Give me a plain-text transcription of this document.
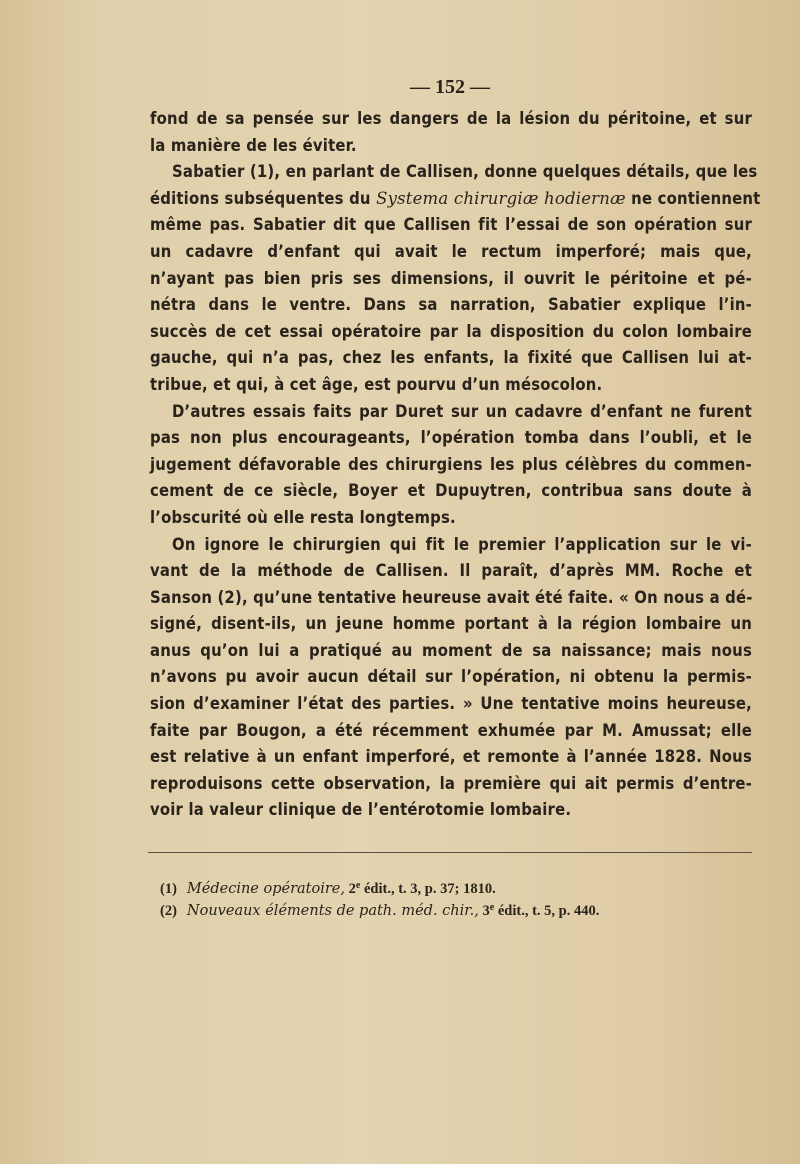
— 152 —
fond de sa pensée sur les dangers de la lésion du péritoine, et sur
la manière de les éviter.
Sabatier (1), en parlant de Callisen, donne quelques détails, que les
éditions subséquentes du Systema chirurgiæ hodiernæ ne contiennent
même pas. Sabatier dit que Callisen fit l’essai de son opération sur
un cadavre d’enfant qui avait le rectum imperforé; mais que,
n’ayant pas bien pris ses dimensions, il ouvrit le péritoine et pé-
nétra dans le ventre. Dans sa narration, Sabatier explique l’in-
succès de cet essai opératoire par la disposition du colon lombaire
gauche, qui n’a pas, chez les enfants, la fixité que Callisen lui at-
tribue, et qui, à cet âge, est pourvu d’un mésocolon.
D’autres essais faits par Duret sur un cadavre d’enfant ne furent
pas non plus encourageants, l’opération tomba dans l’oubli, et le
jugement défavorable des chirurgiens les plus célèbres du commen-
cement de ce siècle, Boyer et Dupuytren, contribua sans doute à
l’obscurité où elle resta longtemps.
On ignore le chirurgien qui fit le premier l’application sur le vi-
vant de la méthode de Callisen. Il paraît, d’après MM. Roche et
Sanson (2), qu’une tentative heureuse avait été faite. « On nous a dé-
signé, disent-ils, un jeune homme portant à la région lombaire un
anus qu’on lui a pratiqué au moment de sa naissance; mais nous
n’avons pu avoir aucun détail sur l’opération, ni obtenu la permis-
sion d’examiner l’état des parties. » Une tentative moins heureuse,
faite par Bougon, a été récemment exhumée par M. Amussat; elle
est relative à un enfant imperforé, et remonte à l’année 1828. Nous
reproduisons cette observation, la première qui ait permis d’entre-
voir la valeur clinique de l’entérotomie lombaire.
(1) Médecine opératoire, 2e édit., t. 3, p. 37; 1810.
(2) Nouveaux éléments de path. méd. chir., 3e édit., t. 5, p. 440.
